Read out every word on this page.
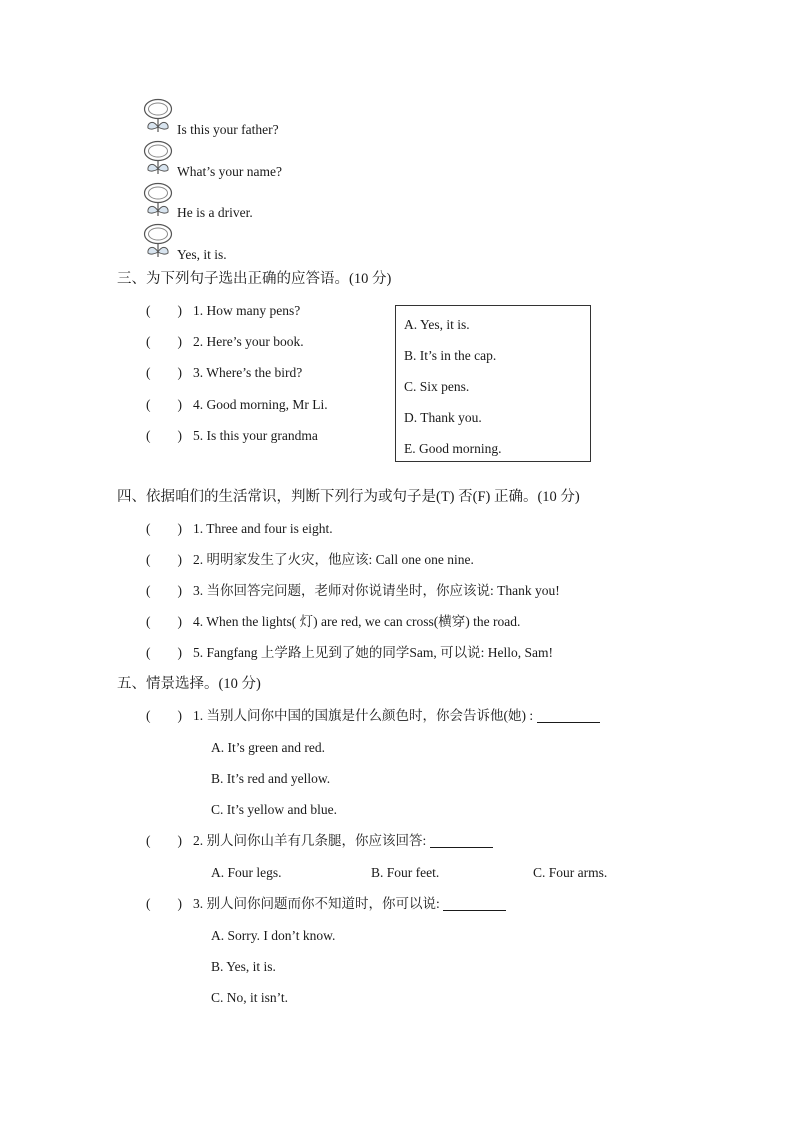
Is this your father?
What’s your name?
He is a driver.
Yes, it is.
三、为下列句子选出正确的应答语。(10 分)
(        ) 1. How many pens?
(        ) 2. Here’s your book.
(        ) 3. Where’s the bird?
(        ) 4. Good morning, Mr Li.
(        ) 5. Is this your grandma
A. Yes, it is.
B. It’s in the cap.
C. Six pens.
D. Thank you.
E. Good morning.
四、依据咱们的生活常识，判断下列行为或句子是(T) 否(F) 正确。(10 分)
(        ) 1. Three and four is eight.
(        ) 2. 明明家发生了火灾，他应该: Call one one nine.
(        ) 3. 当你回答完问题，老师对你说请坐时，你应该说: Thank you!
(        ) 4. When the lights( 灯) are red, we can cross(横穿) the road.
(        ) 5. Fangfang 上学路上见到了她的同学Sam, 可以说: Hello, Sam!
五、情景选择。(10 分)
(        ) 1. 当别人问你中国的国旗是什么颜色时，你会告诉他(她) :
A. It’s green and red.
B. It’s red and yellow.
C. It’s yellow and blue.
(        ) 2. 别人问你山羊有几条腿，你应该回答:
A. Four legs.	B. Four feet.	C. Four arms.
(        ) 3. 别人问你问题而你不知道时，你可以说:
A. Sorry. I don’t know.
B. Yes, it is.
C. No, it isn’t.
